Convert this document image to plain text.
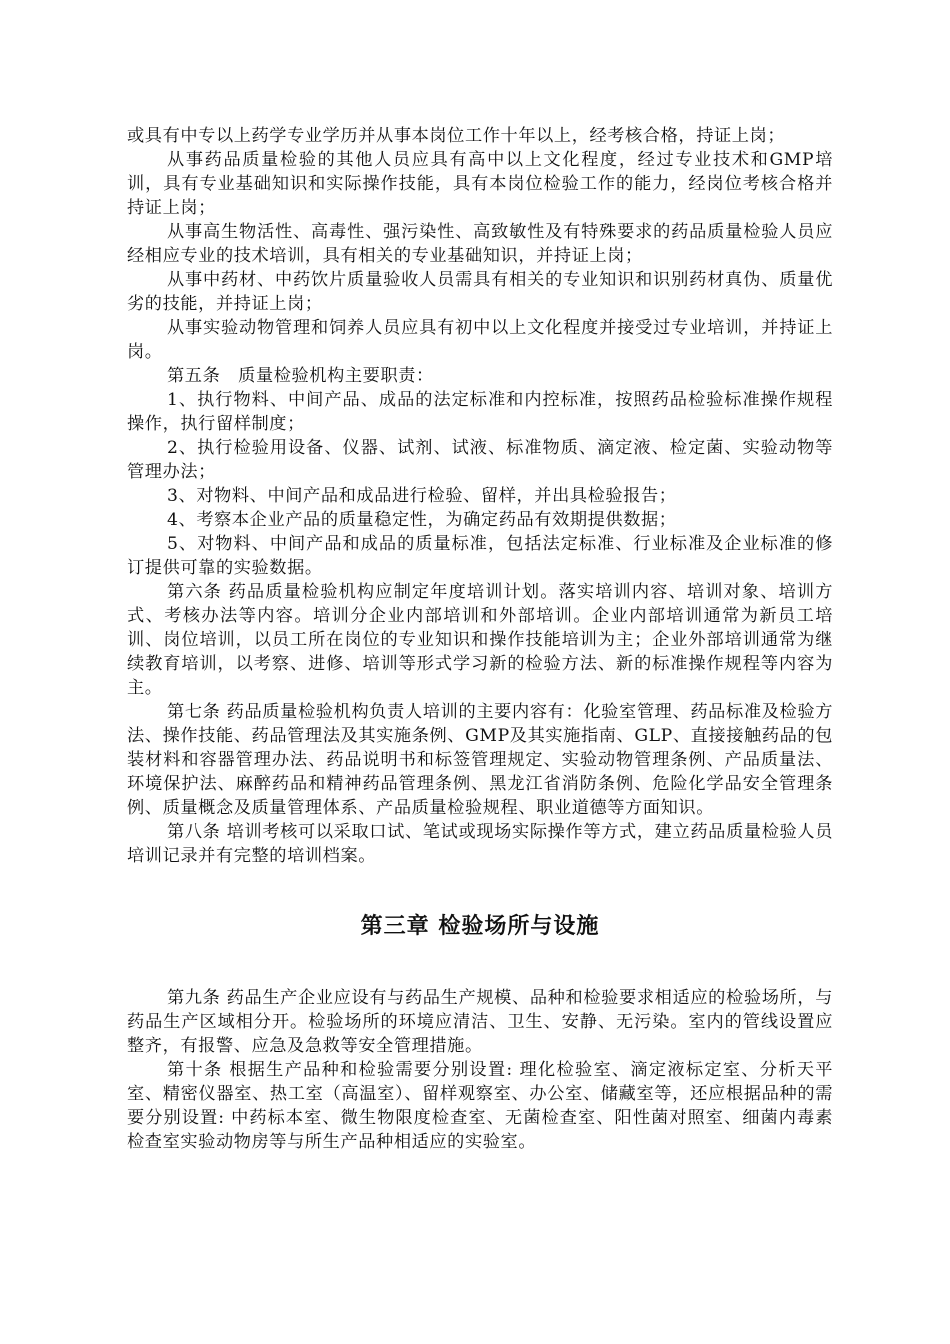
或具有中专以上药学专业学历并从事本岗位工作十年以上，经考核合格，持证上岗；

从事药品质量检验的其他人员应具有高中以上文化程度，经过专业技术和GMP培训，具有专业基础知识和实际操作技能，具有本岗位检验工作的能力，经岗位考核合格并持证上岗；

从事高生物活性、高毒性、强污染性、高致敏性及有特殊要求的药品质量检验人员应经相应专业的技术培训，具有相关的专业基础知识，并持证上岗；

从事中药材、中药饮片质量验收人员需具有相关的专业知识和识别药材真伪、质量优劣的技能，并持证上岗；

从事实验动物管理和饲养人员应具有初中以上文化程度并接受过专业培训，并持证上岗。

第五条　质量检验机构主要职责：

1、执行物料、中间产品、成品的法定标准和内控标准，按照药品检验标准操作规程操作，执行留样制度；

2、执行检验用设备、仪器、试剂、试液、标准物质、滴定液、检定菌、实验动物等管理办法；

3、对物料、中间产品和成品进行检验、留样，并出具检验报告；

4、考察本企业产品的质量稳定性，为确定药品有效期提供数据；

5、对物料、中间产品和成品的质量标准，包括法定标准、行业标准及企业标准的修订提供可靠的实验数据。

第六条 药品质量检验机构应制定年度培训计划。落实培训内容、培训对象、培训方式、考核办法等内容。培训分企业内部培训和外部培训。企业内部培训通常为新员工培训、岗位培训，以员工所在岗位的专业知识和操作技能培训为主；企业外部培训通常为继续教育培训，以考察、进修、培训等形式学习新的检验方法、新的标准操作规程等内容为主。

第七条 药品质量检验机构负责人培训的主要内容有：化验室管理、药品标准及检验方法、操作技能、药品管理法及其实施条例、GMP及其实施指南、GLP、直接接触药品的包装材料和容器管理办法、药品说明书和标签管理规定、实验动物管理条例、产品质量法、环境保护法、麻醉药品和精神药品管理条例、黑龙江省消防条例、危险化学品安全管理条例、质量概念及质量管理体系、产品质量检验规程、职业道德等方面知识。

第八条 培训考核可以采取口试、笔试或现场实际操作等方式，建立药品质量检验人员培训记录并有完整的培训档案。

第三章 检验场所与设施

第九条 药品生产企业应设有与药品生产规模、品种和检验要求相适应的检验场所，与药品生产区域相分开。检验场所的环境应清洁、卫生、安静、无污染。室内的管线设置应整齐，有报警、应急及急救等安全管理措施。

第十条 根据生产品种和检验需要分别设置: 理化检验室、滴定液标定室、分析天平室、精密仪器室、热工室（高温室）、留样观察室、办公室、储藏室等，还应根据品种的需要分别设置: 中药标本室、微生物限度检查室、无菌检查室、阳性菌对照室、细菌内毒素检查室实验动物房等与所生产品种相适应的实验室。
